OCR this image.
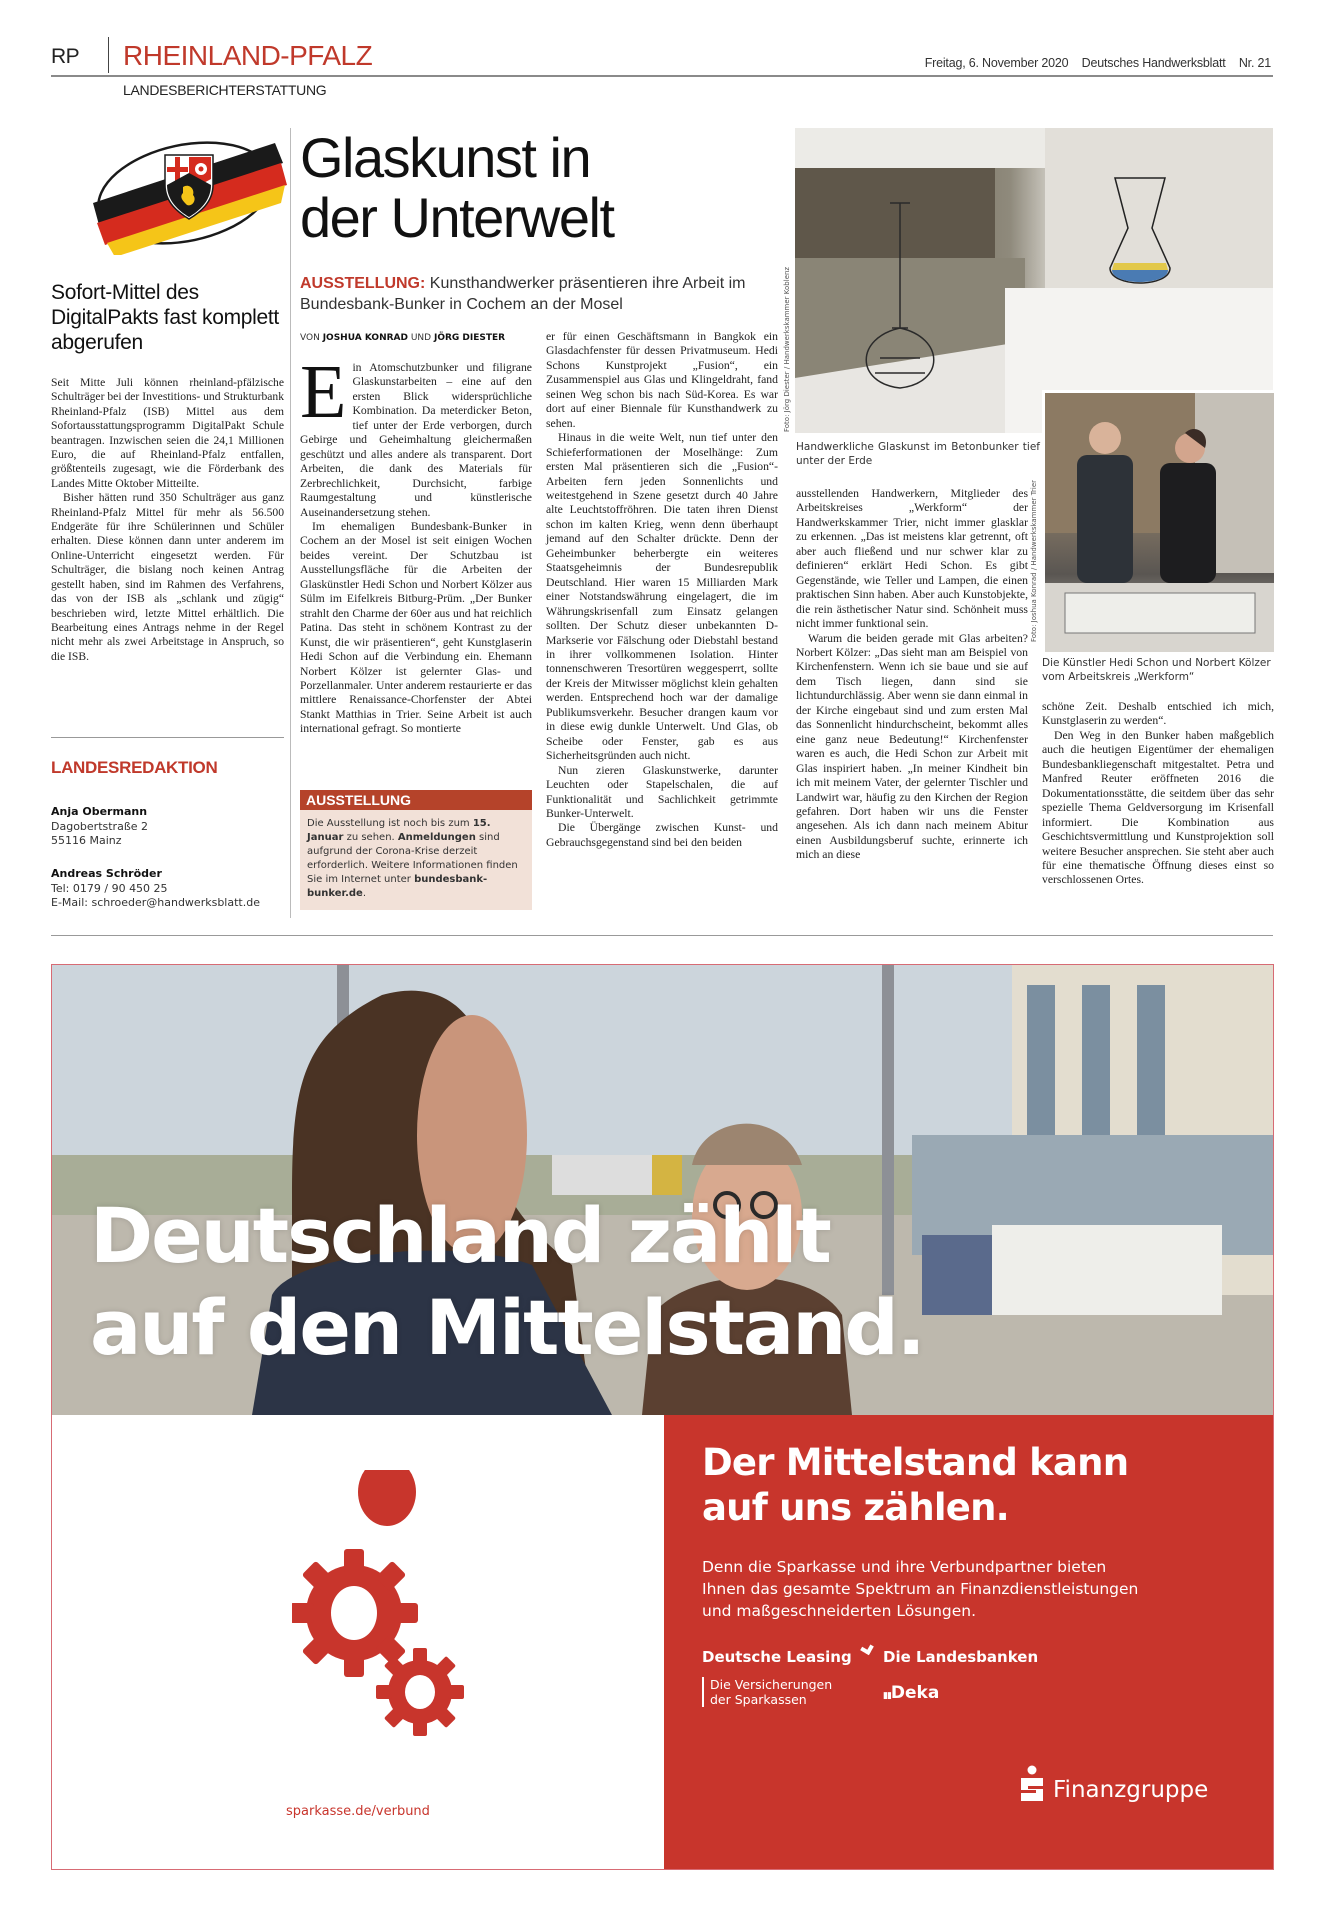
RP RHEINLAND-PFALZ	Freitag, 6. November 2020 Deutsches Handwerksblatt Nr. 21
LANDESBERICHTERSTATTUNG
Sofort-Mittel des DigitalPakts fast komplett abgerufen

Seit Mitte Juli können rheinland-pfälzische Schulträger bei der Investitions- und Strukturbank Rheinland-Pfalz (ISB) Mittel aus dem Sofortausstattungsprogramm DigitalPakt Schule beantragen. Inzwischen seien die 24,1 Millionen Euro, die auf Rheinland-Pfalz entfallen, größtenteils zugesagt, wie die Förderbank des Landes Mitte Oktober Mitteilte.

Bisher hätten rund 350 Schulträger aus ganz Rheinland-Pfalz Mittel für mehr als 56.500 Endgeräte für ihre Schülerinnen und Schüler erhalten. Diese können dann unter anderem im Online-Unterricht eingesetzt werden. Für Schulträger, die bislang noch keinen Antrag gestellt haben, sind im Rahmen des Verfahrens, das von der ISB als „schlank und zügig“ beschrieben wird, letzte Mittel erhältlich. Die Bearbeitung eines Antrags nehme in der Regel nicht mehr als zwei Arbeitstage in Anspruch, so die ISB.

LANDESREDAKTION
Anja Obermann
Dagobertstraße 2
55116 Mainz
Andreas Schröder
Tel: 0179 / 90 450 25
E-Mail: schroeder@handwerksblatt.de
Glaskunst in
der Unterwelt
AUSSTELLUNG: Kunsthandwerker präsentieren ihre Arbeit im Bundesbank-Bunker in Cochem an der Mosel
VON JOSHUA KONRAD UND JÖRG DIESTER

Ein Atomschutzbunker und filigrane Glaskunstarbeiten – eine auf den ersten Blick widersprüchliche Kombination. Da meterdicker Beton, tief unter der Erde verborgen, durch Gebirge und Geheimhaltung gleichermaßen geschützt und alles andere als transparent. Dort Arbeiten, die dank des Materials für Zerbrechlichkeit, Durchsicht, farbige Raumgestaltung und künstlerische Auseinandersetzung stehen.

Im ehemaligen Bundesbank-Bunker in Cochem an der Mosel ist seit einigen Wochen beides vereint. Der Schutzbau ist Ausstellungsfläche für die Arbeiten der Glaskünstler Hedi Schon und Norbert Kölzer aus Sülm im Eifelkreis Bitburg-Prüm. „Der Bunker strahlt den Charme der 60er aus und hat reichlich Patina. Das steht in schönem Kontrast zu der Kunst, die wir präsentieren“, geht Kunstglaserin Hedi Schon auf die Verbindung ein. Ehemann Norbert Kölzer ist gelernter Glas- und Porzellanmaler. Unter anderem restaurierte er das mittlere Renaissance-Chorfenster der Abtei Stankt Matthias in Trier. Seine Arbeit ist auch international gefragt. So montierte

AUSSTELLUNG
Die Ausstellung ist noch bis zum 15. Januar zu sehen. Anmeldungen sind aufgrund der Corona-Krise derzeit erforderlich. Weitere Informationen finden Sie im Internet unter bundesbank-bunker.de.

er für einen Geschäftsmann in Bangkok ein Glasdachfenster für dessen Privatmuseum. Hedi Schons Kunstprojekt „Fusion“, ein Zusammenspiel aus Glas und Klingeldraht, fand seinen Weg schon bis nach Süd-Korea. Es war dort auf einer Biennale für Kunsthandwerk zu sehen.

Hinaus in die weite Welt, nun tief unter den Schieferformationen der Moselhänge: Zum ersten Mal präsentieren sich die „Fusion“-Arbeiten fern jeden Sonnenlichts und weitestgehend in Szene gesetzt durch 40 Jahre alte Leuchtstoffröhren. Die taten ihren Dienst schon im kalten Krieg, wenn denn überhaupt jemand auf den Schalter drückte. Denn der Geheimbunker beherbergte ein weiteres Staatsgeheimnis der Bundesrepublik Deutschland. Hier waren 15 Milliarden Mark einer Notstandswährung eingelagert, die im Währungskrisenfall zum Einsatz gelangen sollten. Der Schutz dieser unbekannten D-Markserie vor Fälschung oder Diebstahl bestand in ihrer vollkommenen Isolation. Hinter tonnenschweren Tresortüren weggesperrt, sollte der Kreis der Mitwisser möglichst klein gehalten werden. Entsprechend hoch war der damalige Publikumsverkehr. Besucher drangen kaum vor in diese ewig dunkle Unterwelt. Und Glas, ob Scheibe oder Fenster, gab es aus Sicherheitsgründen auch nicht.

Nun zieren Glaskunstwerke, darunter Leuchten oder Stapelschalen, die auf Funktionalität und Sachlichkeit getrimmte Bunker-Unterwelt.

Die Übergänge zwischen Kunst- und Gebrauchsgegenstand sind bei den beiden

Foto: Jörg Diester / Handwerkskammer Koblenz
Foto: Joshua Konrad / Handwerkskammer Trier
Handwerkliche Glaskunst im Betonbunker tief unter der Erde
Die Künstler Hedi Schon und Norbert Kölzer vom Arbeitskreis „Werkform“

ausstellenden Handwerkern, Mitglieder des Arbeitskreises „Werkform“ der Handwerkskammer Trier, nicht immer glasklar zu erkennen. „Das ist meistens klar getrennt, oft aber auch fließend und nur schwer klar zu definieren“ erklärt Hedi Schon. Es gibt Gegenstände, wie Teller und Lampen, die einen praktischen Sinn haben. Aber auch Kunstobjekte, die rein ästhetischer Natur sind. Schönheit muss nicht immer funktional sein.

Warum die beiden gerade mit Glas arbeiten? Norbert Kölzer: „Das sieht man am Beispiel von Kirchenfenstern. Wenn ich sie baue und sie auf dem Tisch liegen, dann sind sie lichtundurchlässig. Aber wenn sie dann einmal in der Kirche eingebaut sind und zum ersten Mal das Sonnenlicht hindurchscheint, bekommt alles eine ganz neue Bedeutung!“ Kirchenfenster waren es auch, die Hedi Schon zur Arbeit mit Glas inspiriert haben. „In meiner Kindheit bin ich mit meinem Vater, der gelernter Tischler und Landwirt war, häufig zu den Kirchen der Region gefahren. Dort haben wir uns die Fenster angesehen. Als ich dann nach meinem Abitur einen Ausbildungsberuf suchte, erinnerte ich mich an diese

schöne Zeit. Deshalb entschied ich mich, Kunstglaserin zu werden“.

Den Weg in den Bunker haben maßgeblich auch die heutigen Eigentümer der ehemaligen Bundesbankliegenschaft mitgestaltet. Petra und Manfred Reuter eröffneten 2016 die Dokumentationsstätte, die seitdem über das sehr spezielle Thema Geldversorgung im Krisenfall informiert. Die Kombination aus Geschichtsvermittlung und Kunstprojektion soll weitere Besucher ansprechen. Sie steht aber auch für eine thematische Öffnung dieses einst so verschlossenen Ortes.

Deutschland zählt
auf den Mittelstand.
sparkasse.de/verbund
Der Mittelstand kann
auf uns zählen.
Denn die Sparkasse und ihre Verbundpartner bieten
Ihnen das gesamte Spektrum an Finanzdienstleistungen
und maßgeschneiderten Lösungen.
Deutsche Leasing	Die Landesbanken
Die Versicherungen
der Sparkassen	▮▮Deka
Finanzgruppe
